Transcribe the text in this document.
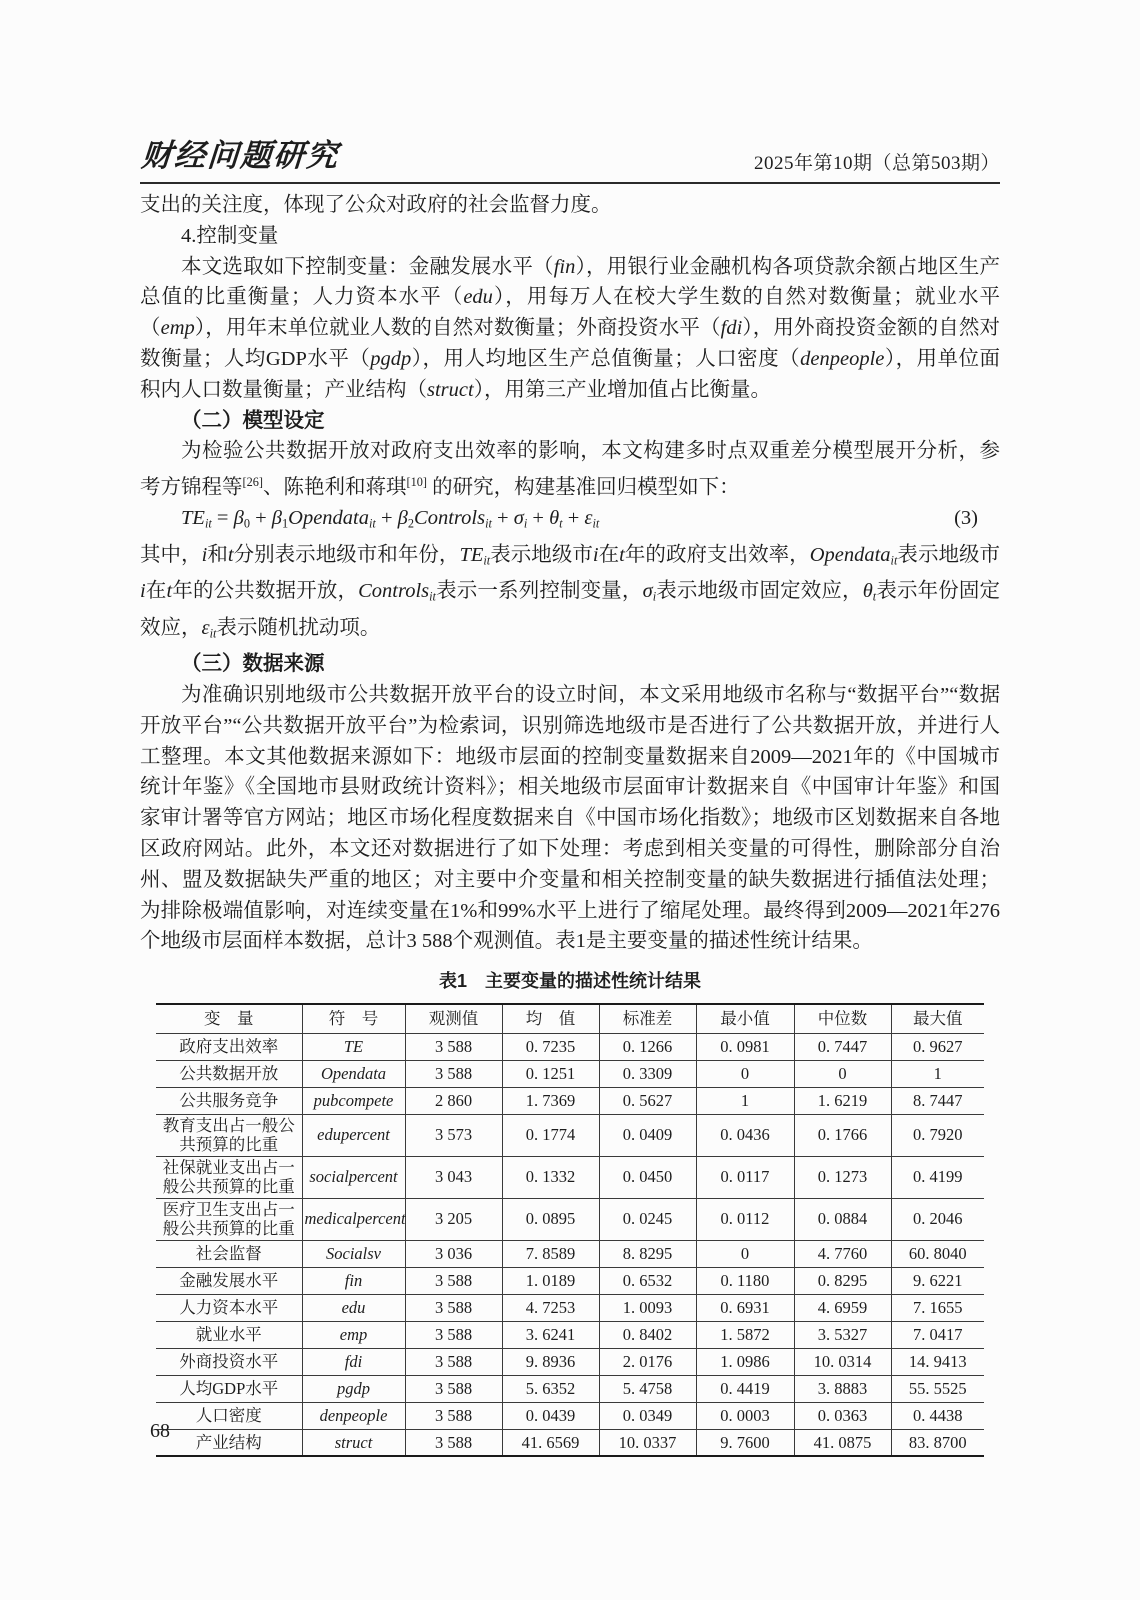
财经问题研究	2025年第10期（总第503期）

支出的关注度，体现了公众对政府的社会监督力度。

4.控制变量

本文选取如下控制变量：金融发展水平（fin），用银行业金融机构各项贷款余额占地区生产总值的比重衡量；人力资本水平（edu），用每万人在校大学生数的自然对数衡量；就业水平（emp），用年末单位就业人数的自然对数衡量；外商投资水平（fdi），用外商投资金额的自然对数衡量；人均GDP水平（pgdp），用人均地区生产总值衡量；人口密度（denpeople），用单位面积内人口数量衡量；产业结构（struct），用第三产业增加值占比衡量。

（二）模型设定

为检验公共数据开放对政府支出效率的影响，本文构建多时点双重差分模型展开分析，参考方锦程等[26]、陈艳利和蒋琪[10] 的研究，构建基准回归模型如下：

TEit = β0 + β1Opendatait + β2Controlsit + σi + θt + εit	(3)

其中，i和t分别表示地级市和年份，TEit表示地级市i在t年的政府支出效率，Opendatait表示地级市i在t年的公共数据开放，Controlsit表示一系列控制变量，σi表示地级市固定效应，θt表示年份固定效应，εit表示随机扰动项。

（三）数据来源

为准确识别地级市公共数据开放平台的设立时间，本文采用地级市名称与“数据平台”“数据开放平台”“公共数据开放平台”为检索词，识别筛选地级市是否进行了公共数据开放，并进行人工整理。本文其他数据来源如下：地级市层面的控制变量数据来自2009—2021年的《中国城市统计年鉴》《全国地市县财政统计资料》；相关地级市层面审计数据来自《中国审计年鉴》和国家审计署等官方网站；地区市场化程度数据来自《中国市场化指数》；地级市区划数据来自各地区政府网站。此外，本文还对数据进行了如下处理：考虑到相关变量的可得性，删除部分自治州、盟及数据缺失严重的地区；对主要中介变量和相关控制变量的缺失数据进行插值法处理；为排除极端值影响，对连续变量在1%和99%水平上进行了缩尾处理。最终得到2009—2021年276个地级市层面样本数据，总计3 588个观测值。表1是主要变量的描述性统计结果。

表1　主要变量的描述性统计结果
变　量	符　号	观测值	均　值	标准差	最小值	中位数	最大值
政府支出效率	TE	3 588	0. 7235	0. 1266	0. 0981	0. 7447	0. 9627
公共数据开放	Opendata	3 588	0. 1251	0. 3309	0	0	1
公共服务竞争	pubcompete	2 860	1. 7369	0. 5627	1	1. 6219	8. 7447
教育支出占一般公共预算的比重	edupercent	3 573	0. 1774	0. 0409	0. 0436	0. 1766	0. 7920
社保就业支出占一般公共预算的比重	socialpercent	3 043	0. 1332	0. 0450	0. 0117	0. 1273	0. 4199
医疗卫生支出占一般公共预算的比重	medicalpercent	3 205	0. 0895	0. 0245	0. 0112	0. 0884	0. 2046
社会监督	Socialsv	3 036	7. 8589	8. 8295	0	4. 7760	60. 8040
金融发展水平	fin	3 588	1. 0189	0. 6532	0. 1180	0. 8295	9. 6221
人力资本水平	edu	3 588	4. 7253	1. 0093	0. 6931	4. 6959	7. 1655
就业水平	emp	3 588	3. 6241	0. 8402	1. 5872	3. 5327	7. 0417
外商投资水平	fdi	3 588	9. 8936	2. 0176	1. 0986	10. 0314	14. 9413
人均GDP水平	pgdp	3 588	5. 6352	5. 4758	0. 4419	3. 8883	55. 5525
人口密度	denpeople	3 588	0. 0439	0. 0349	0. 0003	0. 0363	0. 4438
产业结构	struct	3 588	41. 6569	10. 0337	9. 7600	41. 0875	83. 8700
68
